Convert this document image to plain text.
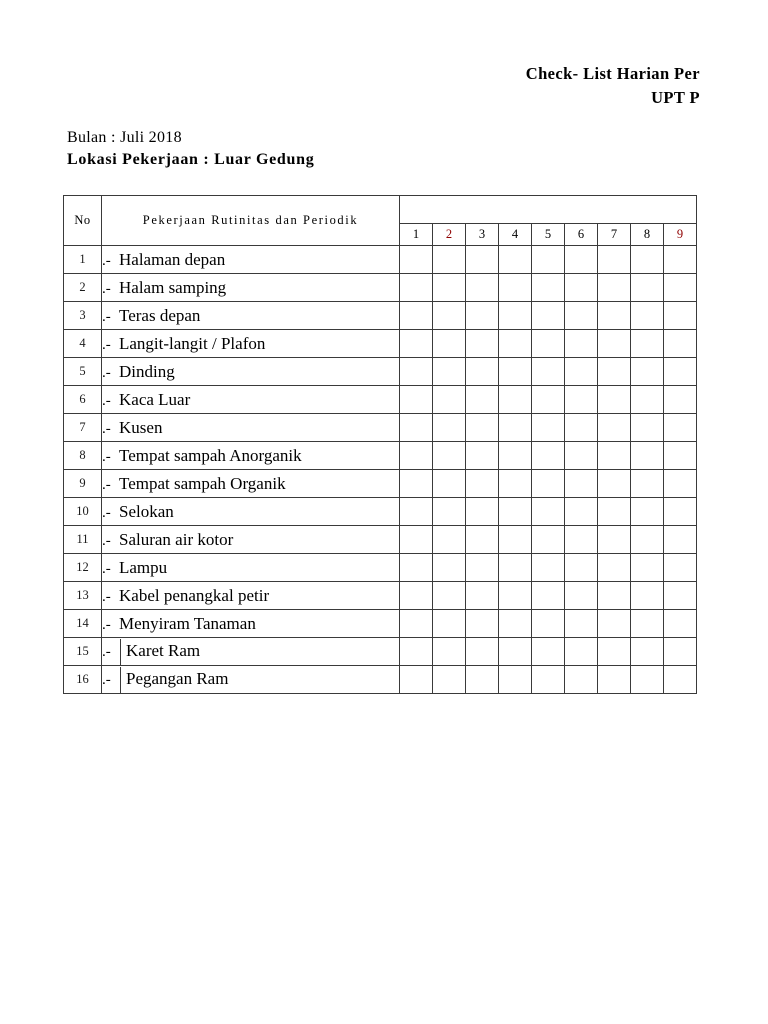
Check- List Harian Per
UPT P
Bulan : Juli 2018
Lokasi Pekerjaan : Luar Gedung
No	Pekerjaan Rutinitas dan Periodik									
		1	2	3	4	5	6	7	8	9
1	.- Halaman depan									
2	.- Halam samping									
3	.- Teras depan									
4	.- Langit-langit / Plafon									
5	.- Dinding									
6	.- Kaca Luar									
7	.- Kusen									
8	.- Tempat sampah Anorganik									
9	.- Tempat sampah Organik									
10	.- Selokan									
11	.- Saluran air kotor									
12	.- Lampu									
13	.- Kabel penangkal petir									
14	.- Menyiram Tanaman									
15	.- Karet Ram									
16	.- Pegangan Ram									
